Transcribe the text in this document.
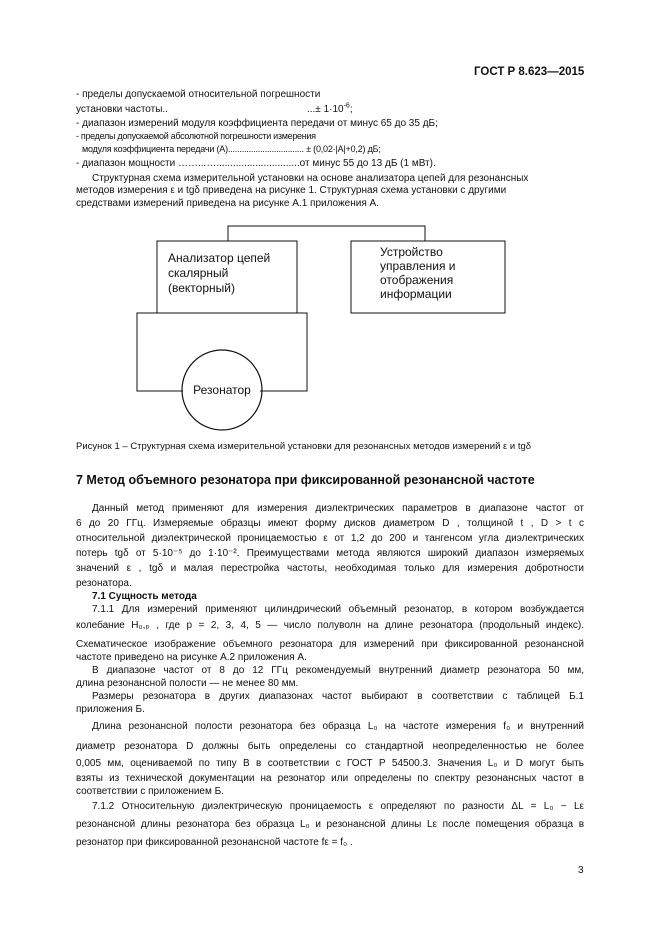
ГОСТ Р 8.623—2015
- пределы допускаемой относительной погрешности
установки частоты..	...± $1\cdot 10^{-6}$;
- диапазон измерений модуля коэффициента передачи от минус 65 до 35 дБ;
- пределы допускаемой абсолютной погрешности измерения
модуля коэффициента передачи (A)................................. ± (0,02·|A|+0,2) дБ;
- диапазон мощности ……...…..............................от минус 55 до 13 дБ (1 мВт).
Структурная схема измерительной установки на основе анализатора цепей для резонансных
методов измерения ε и tgδ приведена на рисунке 1. Структурная схема установки с другими
средствами измерений приведена на рисунке А.1 приложения А.
Анализатор цепей
скалярный
(векторный)
Устройство
управления и
отображения
информации
Резонатор
Рисунок 1 – Структурная схема измерительной установки для резонансных методов измерений ε и tgδ
7 Метод объемного резонатора при фиксированной резонансной частоте
Данный метод применяют для измерения диэлектрических параметров в диапазоне частот от
6 до 20 ГГц. Измеряемые образцы имеют форму дисков диаметром D , толщиной t , D > t с
относительной диэлектрической проницаемостью ε от 1,2 до 200 и тангенсом угла диэлектрических
потерь tgδ от 5·10⁻⁵ до 1·10⁻². Преимуществами метода являются широкий диапазон измеряемых
значений ε , tgδ и малая перестройка частоты, необходимая только для измерения добротности
резонатора.
7.1 Сущность метода
7.1.1 Для измерений применяют цилиндрический объемный резонатор, в котором возбуждается
колебание H₀,ₚ , где p = 2, 3, 4, 5 — число полуволн на длине резонатора (продольный индекс).
Схематическое изображение объемного резонатора для измерений при фиксированной резонансной
частоте приведено на рисунке А.2 приложения А.
В диапазоне частот от 8 до 12 ГГц рекомендуемый внутренний диаметр резонатора 50 мм,
длина резонансной полости — не менее 80 мм.
Размеры резонатора в других диапазонах частот выбирают в соответствии с таблицей Б.1
приложения Б.
Длина резонансной полости резонатора без образца L₀ на частоте измерения f₀ и внутренний
диаметр резонатора D должны быть определены со стандартной неопределенностью не более
0,005 мм, оцениваемой по типу В в соответствии с ГОСТ Р 54500.3. Значения L₀ и D могут быть
взяты из технической документации на резонатор или определены по спектру резонансных частот в
соответствии с приложением Б.
7.1.2 Относительную диэлектрическую проницаемость ε определяют по разности ΔL = L₀ − Lε
резонансной длины резонатора без образца L₀ и резонансной длины Lε после помещения образца в
резонатор при фиксированной резонансной частоте fε = f₀ .
3
